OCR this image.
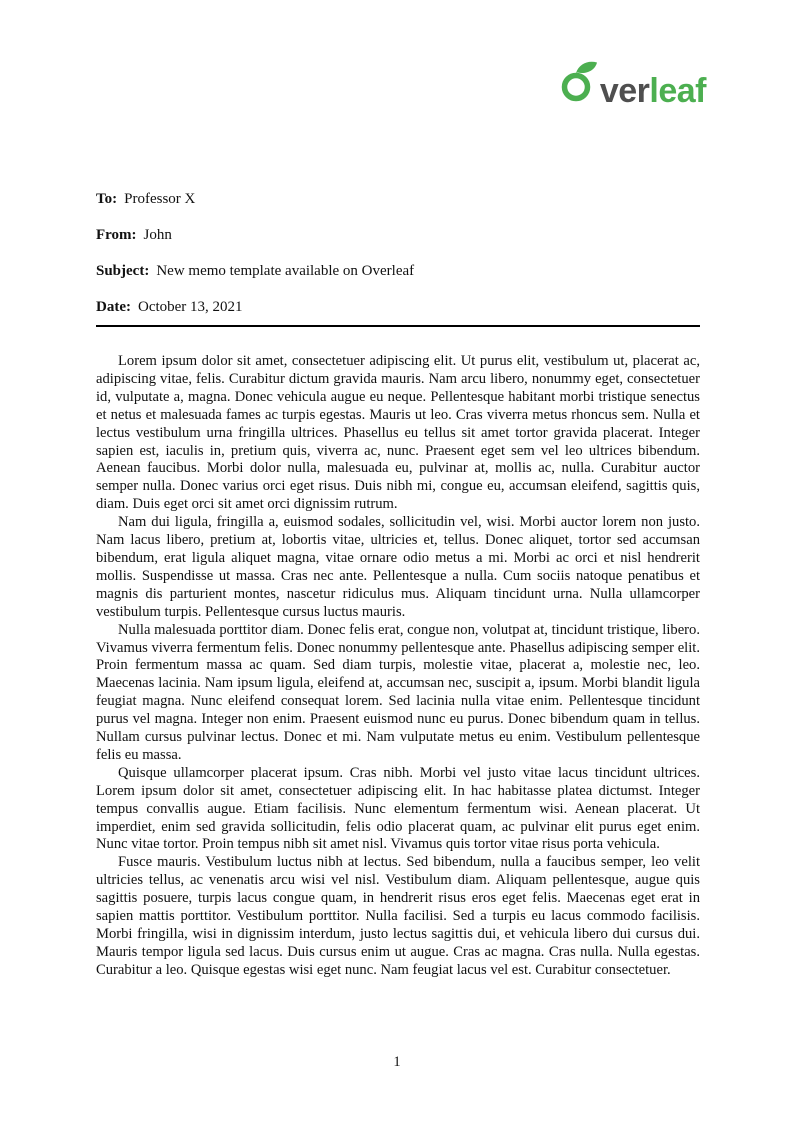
verleaf
To: Professor X
From: John
Subject: New memo template available on Overleaf
Date: October 13, 2021

Lorem ipsum dolor sit amet, consectetuer adipiscing elit. Ut purus elit, vestibulum ut, placerat ac, adipiscing vitae, felis. Curabitur dictum gravida mauris. Nam arcu libero, nonummy eget, consectetuer id, vulputate a, magna. Donec vehicula augue eu neque. Pellentesque habitant morbi tristique senectus et netus et malesuada fames ac turpis egestas. Mauris ut leo. Cras viverra metus rhoncus sem. Nulla et lectus vestibulum urna fringilla ultrices. Phasellus eu tellus sit amet tortor gravida placerat. Integer sapien est, iaculis in, pretium quis, viverra ac, nunc. Praesent eget sem vel leo ultrices bibendum. Aenean faucibus. Morbi dolor nulla, malesuada eu, pulvinar at, mollis ac, nulla. Curabitur auctor semper nulla. Donec varius orci eget risus. Duis nibh mi, congue eu, accumsan eleifend, sagittis quis, diam. Duis eget orci sit amet orci dignissim rutrum.

Nam dui ligula, fringilla a, euismod sodales, sollicitudin vel, wisi. Morbi auctor lorem non justo. Nam lacus libero, pretium at, lobortis vitae, ultricies et, tellus. Donec aliquet, tortor sed accumsan bibendum, erat ligula aliquet magna, vitae ornare odio metus a mi. Morbi ac orci et nisl hendrerit mollis. Suspendisse ut massa. Cras nec ante. Pellentesque a nulla. Cum sociis natoque penatibus et magnis dis parturient montes, nascetur ridiculus mus. Aliquam tincidunt urna. Nulla ullamcorper vestibulum turpis. Pellentesque cursus luctus mauris.

Nulla malesuada porttitor diam. Donec felis erat, congue non, volutpat at, tincidunt tristique, libero. Vivamus viverra fermentum felis. Donec nonummy pellentesque ante. Phasellus adipiscing semper elit. Proin fermentum massa ac quam. Sed diam turpis, molestie vitae, placerat a, molestie nec, leo. Maecenas lacinia. Nam ipsum ligula, eleifend at, accumsan nec, suscipit a, ipsum. Morbi blandit ligula feugiat magna. Nunc eleifend consequat lorem. Sed lacinia nulla vitae enim. Pellentesque tincidunt purus vel magna. Integer non enim. Praesent euismod nunc eu purus. Donec bibendum quam in tellus. Nullam cursus pulvinar lectus. Donec et mi. Nam vulputate metus eu enim. Vestibulum pellentesque felis eu massa.

Quisque ullamcorper placerat ipsum. Cras nibh. Morbi vel justo vitae lacus tincidunt ultrices. Lorem ipsum dolor sit amet, consectetuer adipiscing elit. In hac habitasse platea dictumst. Integer tempus convallis augue. Etiam facilisis. Nunc elementum fermentum wisi. Aenean placerat. Ut imperdiet, enim sed gravida sollicitudin, felis odio placerat quam, ac pulvinar elit purus eget enim. Nunc vitae tortor. Proin tempus nibh sit amet nisl. Vivamus quis tortor vitae risus porta vehicula.

Fusce mauris. Vestibulum luctus nibh at lectus. Sed bibendum, nulla a faucibus semper, leo velit ultricies tellus, ac venenatis arcu wisi vel nisl. Vestibulum diam. Aliquam pellentesque, augue quis sagittis posuere, turpis lacus congue quam, in hendrerit risus eros eget felis. Maecenas eget erat in sapien mattis porttitor. Vestibulum porttitor. Nulla facilisi. Sed a turpis eu lacus commodo facilisis. Morbi fringilla, wisi in dignissim interdum, justo lectus sagittis dui, et vehicula libero dui cursus dui. Mauris tempor ligula sed lacus. Duis cursus enim ut augue. Cras ac magna. Cras nulla. Nulla egestas. Curabitur a leo. Quisque egestas wisi eget nunc. Nam feugiat lacus vel est. Curabitur consectetuer.

1
